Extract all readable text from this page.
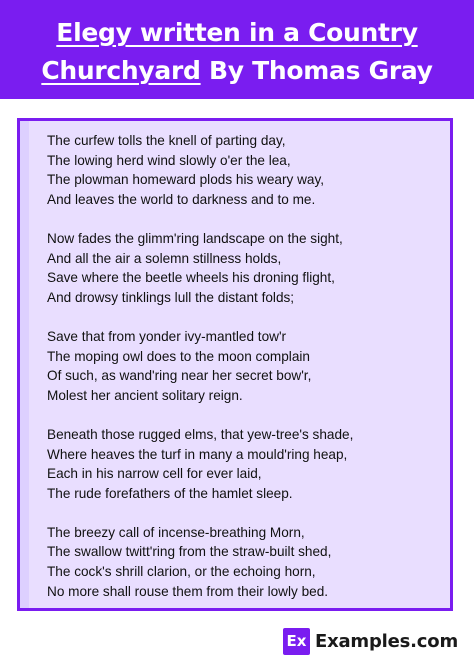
Elegy written in a Country
Churchyard By Thomas Gray
The curfew tolls the knell of parting day,
The lowing herd wind slowly o'er the lea,
The plowman homeward plods his weary way,
And leaves the world to darkness and to me.
Now fades the glimm'ring landscape on the sight,
And all the air a solemn stillness holds,
Save where the beetle wheels his droning flight,
And drowsy tinklings lull the distant folds;
Save that from yonder ivy-mantled tow'r
The moping owl does to the moon complain
Of such, as wand'ring near her secret bow'r,
Molest her ancient solitary reign.
Beneath those rugged elms, that yew-tree's shade,
Where heaves the turf in many a mould'ring heap,
Each in his narrow cell for ever laid,
The rude forefathers of the hamlet sleep.
The breezy call of incense-breathing Morn,
The swallow twitt'ring from the straw-built shed,
The cock's shrill clarion, or the echoing horn,
No more shall rouse them from their lowly bed.
Ex Examples.com
